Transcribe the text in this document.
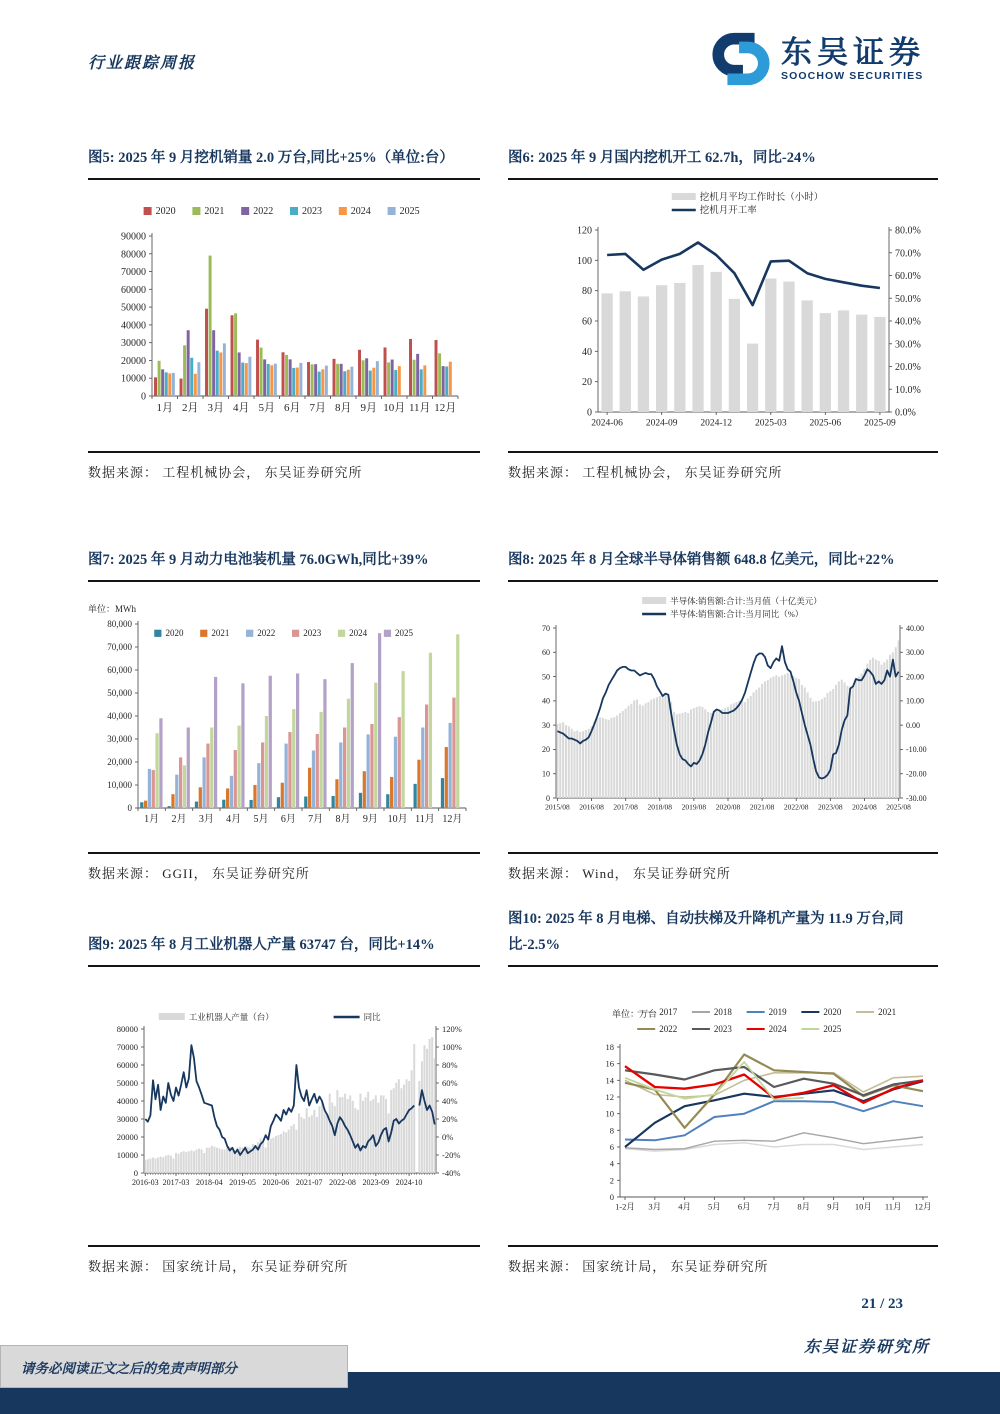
行业跟踪周报	东吴证券
SOOCHOW SECURITIES
图5: 2025 年 9 月挖机销量 2.0 万台,同比+25%（单位:台）
0
10000
20000
30000
40000
50000
60000
70000
80000
90000
1月 2月 3月 4月 5月 6月 7月 8月 9月 10月 11月 12月
2020	2021	2022	2023	2024	2025
数据来源： 工程机械协会， 东吴证券研究所
图6: 2025 年 9 月国内挖机开工 62.7h，同比-24%
0
20
40
60
80
100
120
0.0%
10.0%
20.0%
30.0%
40.0%
50.0%
60.0%
70.0%
80.0%
2024-06 2024-09 2024-12 2025-03 2025-06 2025-09
挖机月平均工作时长（小时）
挖机月开工率
数据来源： 工程机械协会， 东吴证券研究所
图7: 2025 年 9 月动力电池装机量 76.0GWh,同比+39%
0
10,000
20,000
30,000
40,000
50,000
60,000
70,000
80,000
1月 2月 3月 4月 5月 6月 7月 8月 9月 10月 11月 12月
2020	2021	2022	2023	2024	2025
单位：MWh
数据来源： GGII， 东吴证券研究所
图8: 2025 年 8 月全球半导体销售额 648.8 亿美元，同比+22%
0
10
20
30
40
50
60
70
-30.00
-20.00
-10.00
0.00
10.00
20.00
30.00
40.00
2015/08 2016/08 2017/08 2018/08 2019/08 2020/08 2021/08 2022/08 2023/08 2024/08 2025/08
半导体:销售额:合计:当月值（十亿美元）
半导体:销售额:合计:当月同比（%）
数据来源： Wind， 东吴证券研究所
图9: 2025 年 8 月工业机器人产量 63747 台，同比+14%
0
10000
20000
30000
40000
50000
60000
70000
80000
-40%
-20%
0%
20%
40%
60%
80%
100%
120%
2016-03 2017-03 2018-04 2019-05 2020-06 2021-07 2022-08 2023-09 2024-10
工业机器人产量（台）	同比
数据来源： 国家统计局， 东吴证券研究所
图10: 2025 年 8 月电梯、自动扶梯及升降机产量为 11.9 万台,同比-2.5%
0
2
4
6
8
10
12
14
16
18
1-2月 3月 4月 5月 6月 7月 8月 9月 10月 11月 12月
2017	2018	2019	2020	2021
2022	2023	2024	2025
单位：万台
数据来源： 国家统计局， 东吴证券研究所
21 / 23
东吴证券研究所
请务必阅读正文之后的免责声明部分
